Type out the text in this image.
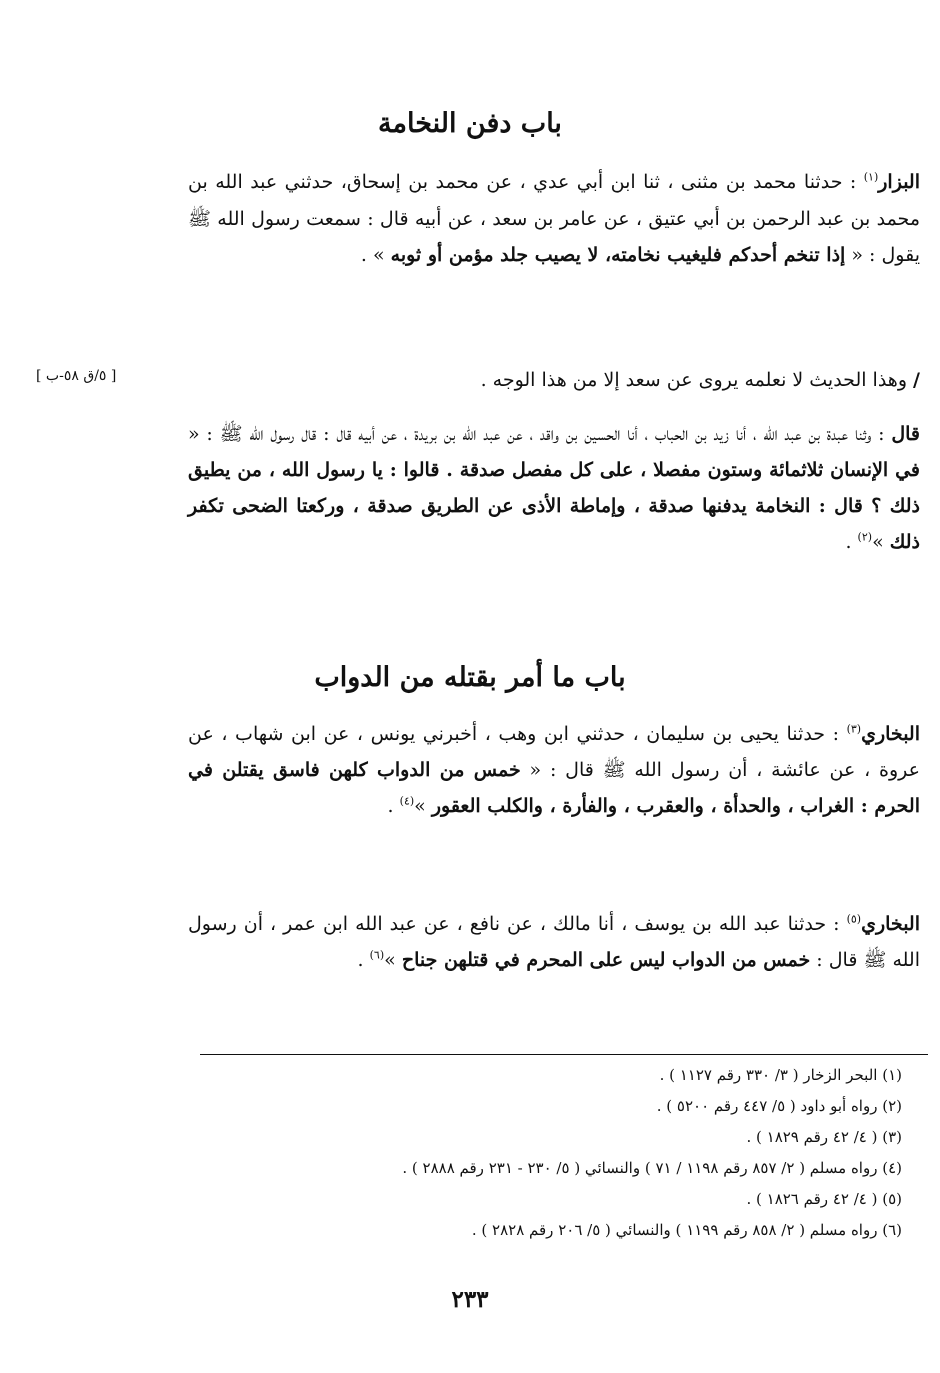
باب دفن النخامة

البزار$^{(١)}$ : حدثنا محمد بن مثنى ، ثنا ابن أبي عدي ، عن محمد بن إسحاق، حدثني عبد الله بن محمد بن عبد الرحمن بن أبي عتيق ، عن عامر بن سعد ، عن أبيه قال : سمعت رسول الله ﷺ يقول : « إذا تنخم أحدكم فليغيب نخامته، لا يصيب جلد مؤمن أو ثوبه » .

/ وهذا الحديث لا نعلمه يروى عن سعد إلا من هذا الوجه .

[ ٥/ق ٥٨-ب ]

قال : وثنا عبدة بن عبد الله ، أنا زيد بن الحباب ، أنا الحسين بن واقد ، عن عبد الله بن بريدة ، عن أبيه قال : قال رسول الله ﷺ : « في الإنسان ثلاثمائة وستون مفصلا ، على كل مفصل صدقة . قالوا : يا رسول الله ، من يطيق ذلك ؟ قال : النخامة يدفنها صدقة ، وإماطة الأذى عن الطريق صدقة ، وركعتا الضحى تكفر ذلك »$^{(٢)}$ .

باب ما أمر بقتله من الدواب

البخاري$^{(٣)}$ : حدثنا يحيى بن سليمان ، حدثني ابن وهب ، أخبرني يونس ، عن ابن شهاب ، عن عروة ، عن عائشة ، أن رسول الله ﷺ قال : « خمس من الدواب كلهن فاسق يقتلن في الحرم : الغراب ، والحدأة ، والعقرب ، والفأرة ، والكلب العقور »$^{(٤)}$ .

البخاري$^{(٥)}$ : حدثنا عبد الله بن يوسف ، أنا مالك ، عن نافع ، عن عبد الله ابن عمر ، أن رسول الله ﷺ قال : خمس من الدواب ليس على المحرم في قتلهن جناح »$^{(٦)}$ .

(١) البحر الزخار ( ٣/ ٣٣٠ رقم ١١٢٧ ) .
(٢) رواه أبو داود ( ٥/ ٤٤٧ رقم ٥٢٠٠ ) .
(٣) ( ٤/ ٤٢ رقم ١٨٢٩ ) .
(٤) رواه مسلم ( ٢/ ٨٥٧ رقم ١١٩٨ / ٧١ ) والنسائي ( ٥/ ٢٣٠ - ٢٣١ رقم ٢٨٨٨ ) .
(٥) ( ٤/ ٤٢ رقم ١٨٢٦ ) .
(٦) رواه مسلم ( ٢/ ٨٥٨ رقم ١١٩٩ ) والنسائي ( ٥/ ٢٠٦ رقم ٢٨٢٨ ) .
٢٣٣
